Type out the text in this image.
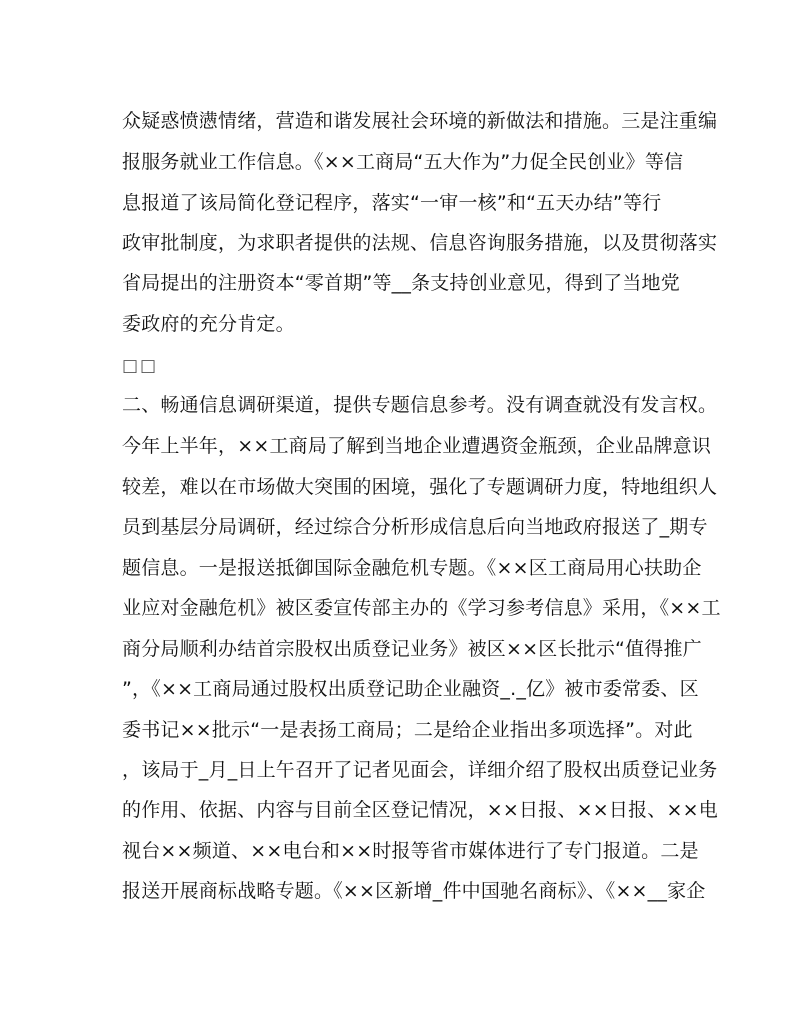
众疑惑愤懑情绪，营造和谐发展社会环境的新做法和措施。三是注重编
报服务就业工作信息。《××工商局“五大作为”力促全民创业》等信
息报道了该局简化登记程序，落实“一审一核”和“五天办结”等行
政审批制度，为求职者提供的法规、信息咨询服务措施，以及贯彻落实
省局提出的注册资本“零首期”等__条支持创业意见，得到了当地党
委政府的充分肯定。
□□
二、畅通信息调研渠道，提供专题信息参考。没有调查就没有发言权。
今年上半年，××工商局了解到当地企业遭遇资金瓶颈，企业品牌意识
较差，难以在市场做大突围的困境，强化了专题调研力度，特地组织人
员到基层分局调研，经过综合分析形成信息后向当地政府报送了_期专
题信息。一是报送抵御国际金融危机专题。《××区工商局用心扶助企
业应对金融危机》被区委宣传部主办的《学习参考信息》采用，《××工
商分局顺利办结首宗股权出质登记业务》被区××区长批示“值得推广
”，《××工商局通过股权出质登记助企业融资_._亿》被市委常委、区
委书记××批示“一是表扬工商局；二是给企业指出多项选择”。对此
，该局于_月_日上午召开了记者见面会，详细介绍了股权出质登记业务
的作用、依据、内容与目前全区登记情况，××日报、××日报、××电
视台××频道、××电台和××时报等省市媒体进行了专门报道。二是
报送开展商标战略专题。《××区新增_件中国驰名商标》、《××__家企
